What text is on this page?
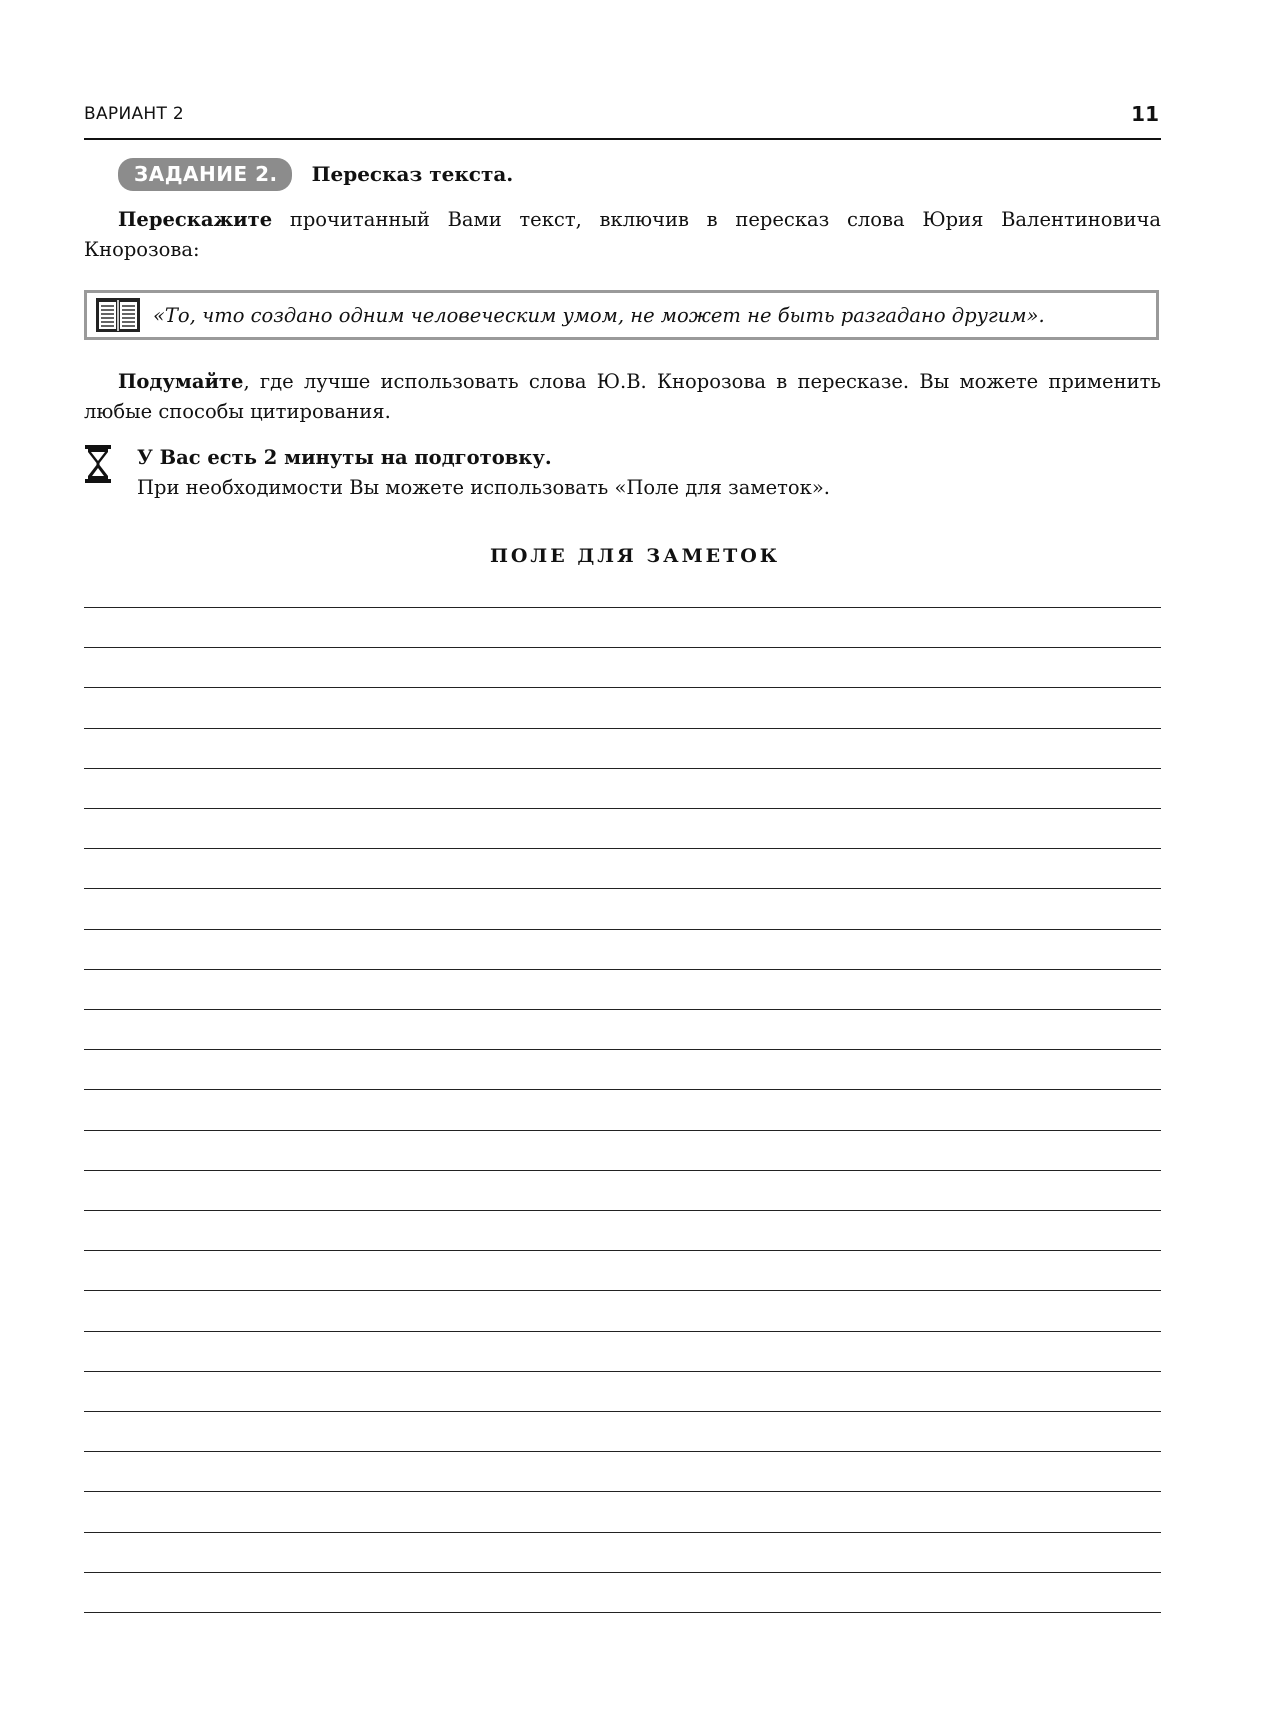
ВАРИАНТ 2	11
ЗАДАНИЕ 2.	Пересказ текста.
Перескажите прочитанный Вами текст, включив в пересказ слова Юрия Валентиновича Кнорозова:
«То, что создано одним человеческим умом, не может не быть разгадано другим».
Подумайте, где лучше использовать слова Ю.В. Кнорозова в пересказе. Вы можете применить любые способы цитирования.
У Вас есть 2 минуты на подготовку.
При необходимости Вы можете использовать «Поле для заметок».
ПОЛЕ ДЛЯ ЗАМЕТОК
